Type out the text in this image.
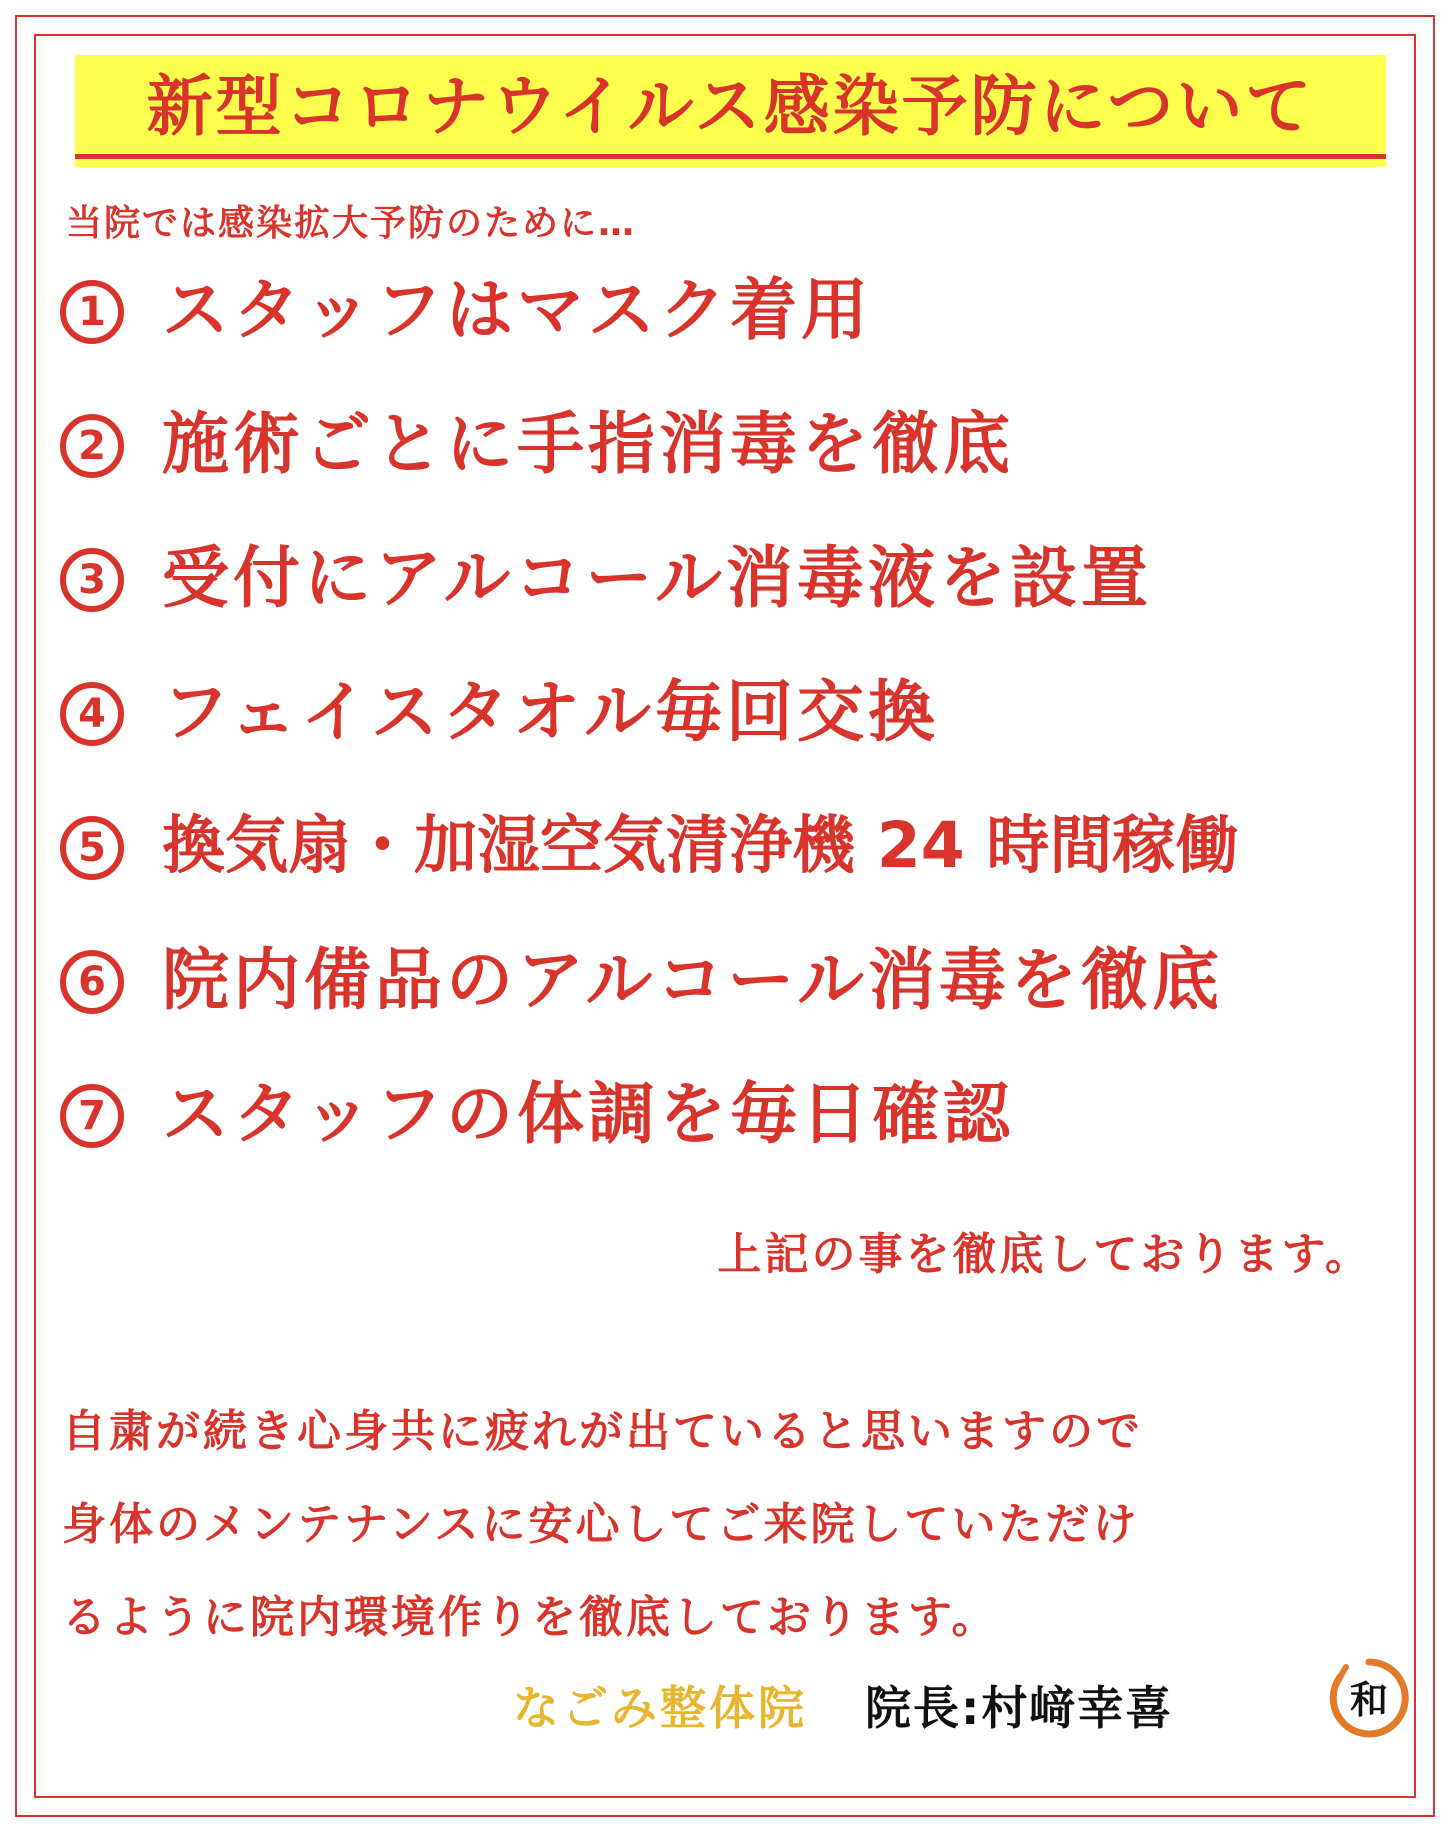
新型コロナウイルス感染予防について
当院では感染拡大予防のために…
1 スタッフはマスク着用
2 施術ごとに手指消毒を徹底
3 受付にアルコール消毒液を設置
4 フェイスタオル毎回交換
5 換気扇・加湿空気清浄機 24 時間稼働
6 院内備品のアルコール消毒を徹底
7 スタッフの体調を毎日確認
上記の事を徹底しております。
自粛が続き心身共に疲れが出ていると思いますので
身体のメンテナンスに安心してご来院していただけ
るように院内環境作りを徹底しております。
なごみ整体院 院長:村﨑幸喜	和
